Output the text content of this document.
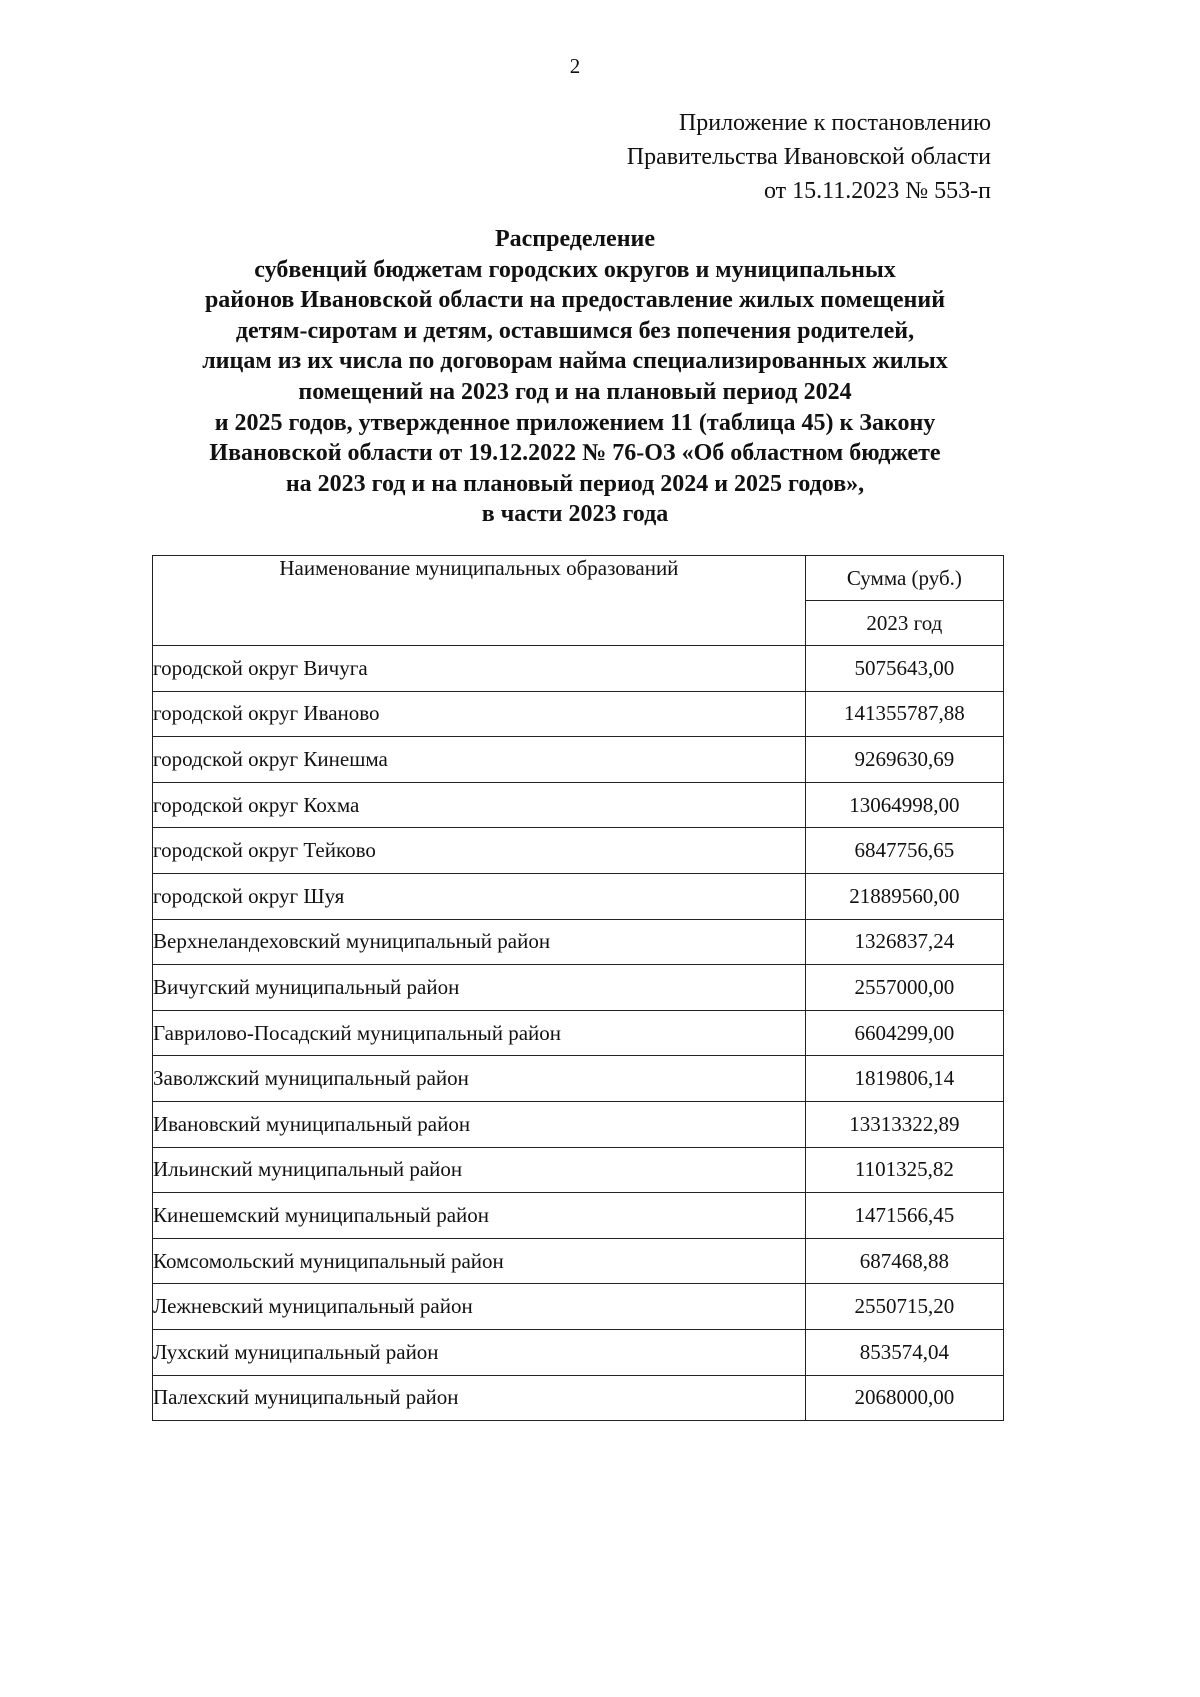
2
Приложение к постановлению
Правительства Ивановской области
от 15.11.2023 № 553-п
Распределение
субвенций бюджетам городских округов и муниципальных
районов Ивановской области на предоставление жилых помещений
детям-сиротам и детям, оставшимся без попечения родителей,
лицам из их числа по договорам найма специализированных жилых
помещений на 2023 год и на плановый период 2024
и 2025 годов, утвержденное приложением 11 (таблица 45) к Закону
Ивановской области от 19.12.2022 № 76-ОЗ «Об областном бюджете
на 2023 год и на плановый период 2024 и 2025 годов»,
в части 2023 года
Наименование муниципальных образований	Сумма (руб.)
	2023 год
городской округ Вичуга	5075643,00
городской округ Иваново	141355787,88
городской округ Кинешма	9269630,69
городской округ Кохма	13064998,00
городской округ Тейково	6847756,65
городской округ Шуя	21889560,00
Верхнеландеховский муниципальный район	1326837,24
Вичугский муниципальный район	2557000,00
Гаврилово-Посадский муниципальный район	6604299,00
Заволжский муниципальный район	1819806,14
Ивановский муниципальный район	13313322,89
Ильинский муниципальный район	1101325,82
Кинешемский муниципальный район	1471566,45
Комсомольский муниципальный район	687468,88
Лежневский муниципальный район	2550715,20
Лухский муниципальный район	853574,04
Палехский муниципальный район	2068000,00
